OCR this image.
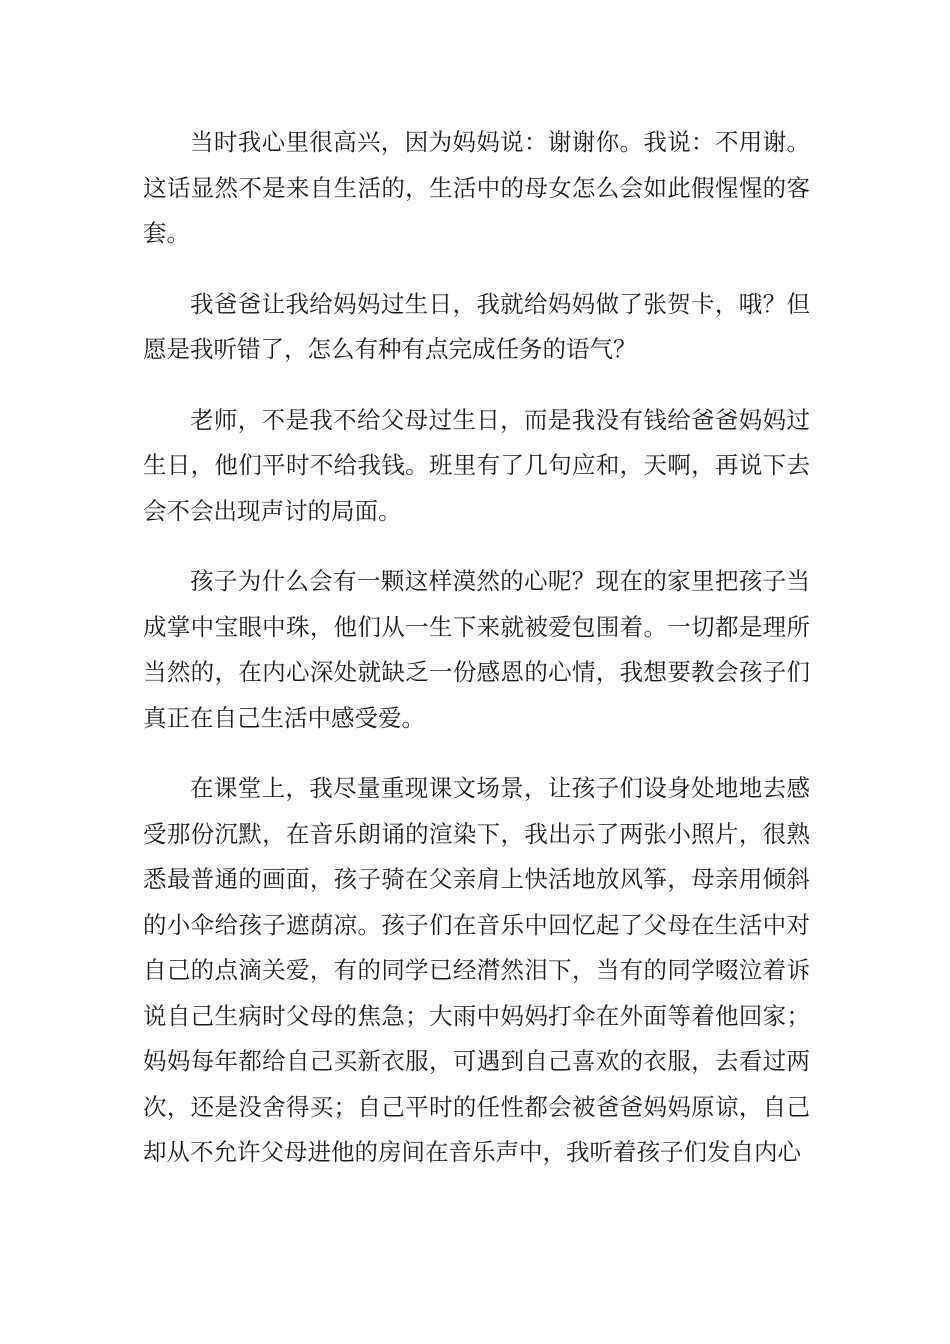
当时我心里很高兴，因为妈妈说：谢谢你。我说：不用谢。这话显然不是来自生活的，生活中的母女怎么会如此假惺惺的客套。

我爸爸让我给妈妈过生日，我就给妈妈做了张贺卡，哦？但愿是我听错了，怎么有种有点完成任务的语气？

老师，不是我不给父母过生日，而是我没有钱给爸爸妈妈过生日，他们平时不给我钱。班里有了几句应和，天啊，再说下去会不会出现声讨的局面。

孩子为什么会有一颗这样漠然的心呢？现在的家里把孩子当成掌中宝眼中珠，他们从一生下来就被爱包围着。一切都是理所当然的，在内心深处就缺乏一份感恩的心情，我想要教会孩子们真正在自己生活中感受爱。

在课堂上，我尽量重现课文场景，让孩子们设身处地地去感受那份沉默，在音乐朗诵的渲染下，我出示了两张小照片，很熟悉最普通的画面，孩子骑在父亲肩上快活地放风筝，母亲用倾斜的小伞给孩子遮荫凉。孩子们在音乐中回忆起了父母在生活中对自己的点滴关爱，有的同学已经潸然泪下，当有的同学啜泣着诉说自己生病时父母的焦急；大雨中妈妈打伞在外面等着他回家；妈妈每年都给自己买新衣服，可遇到自己喜欢的衣服，去看过两次，还是没舍得买；自己平时的任性都会被爸爸妈妈原谅，自己却从不允许父母进他的房间在音乐声中，我听着孩子们发自内心
